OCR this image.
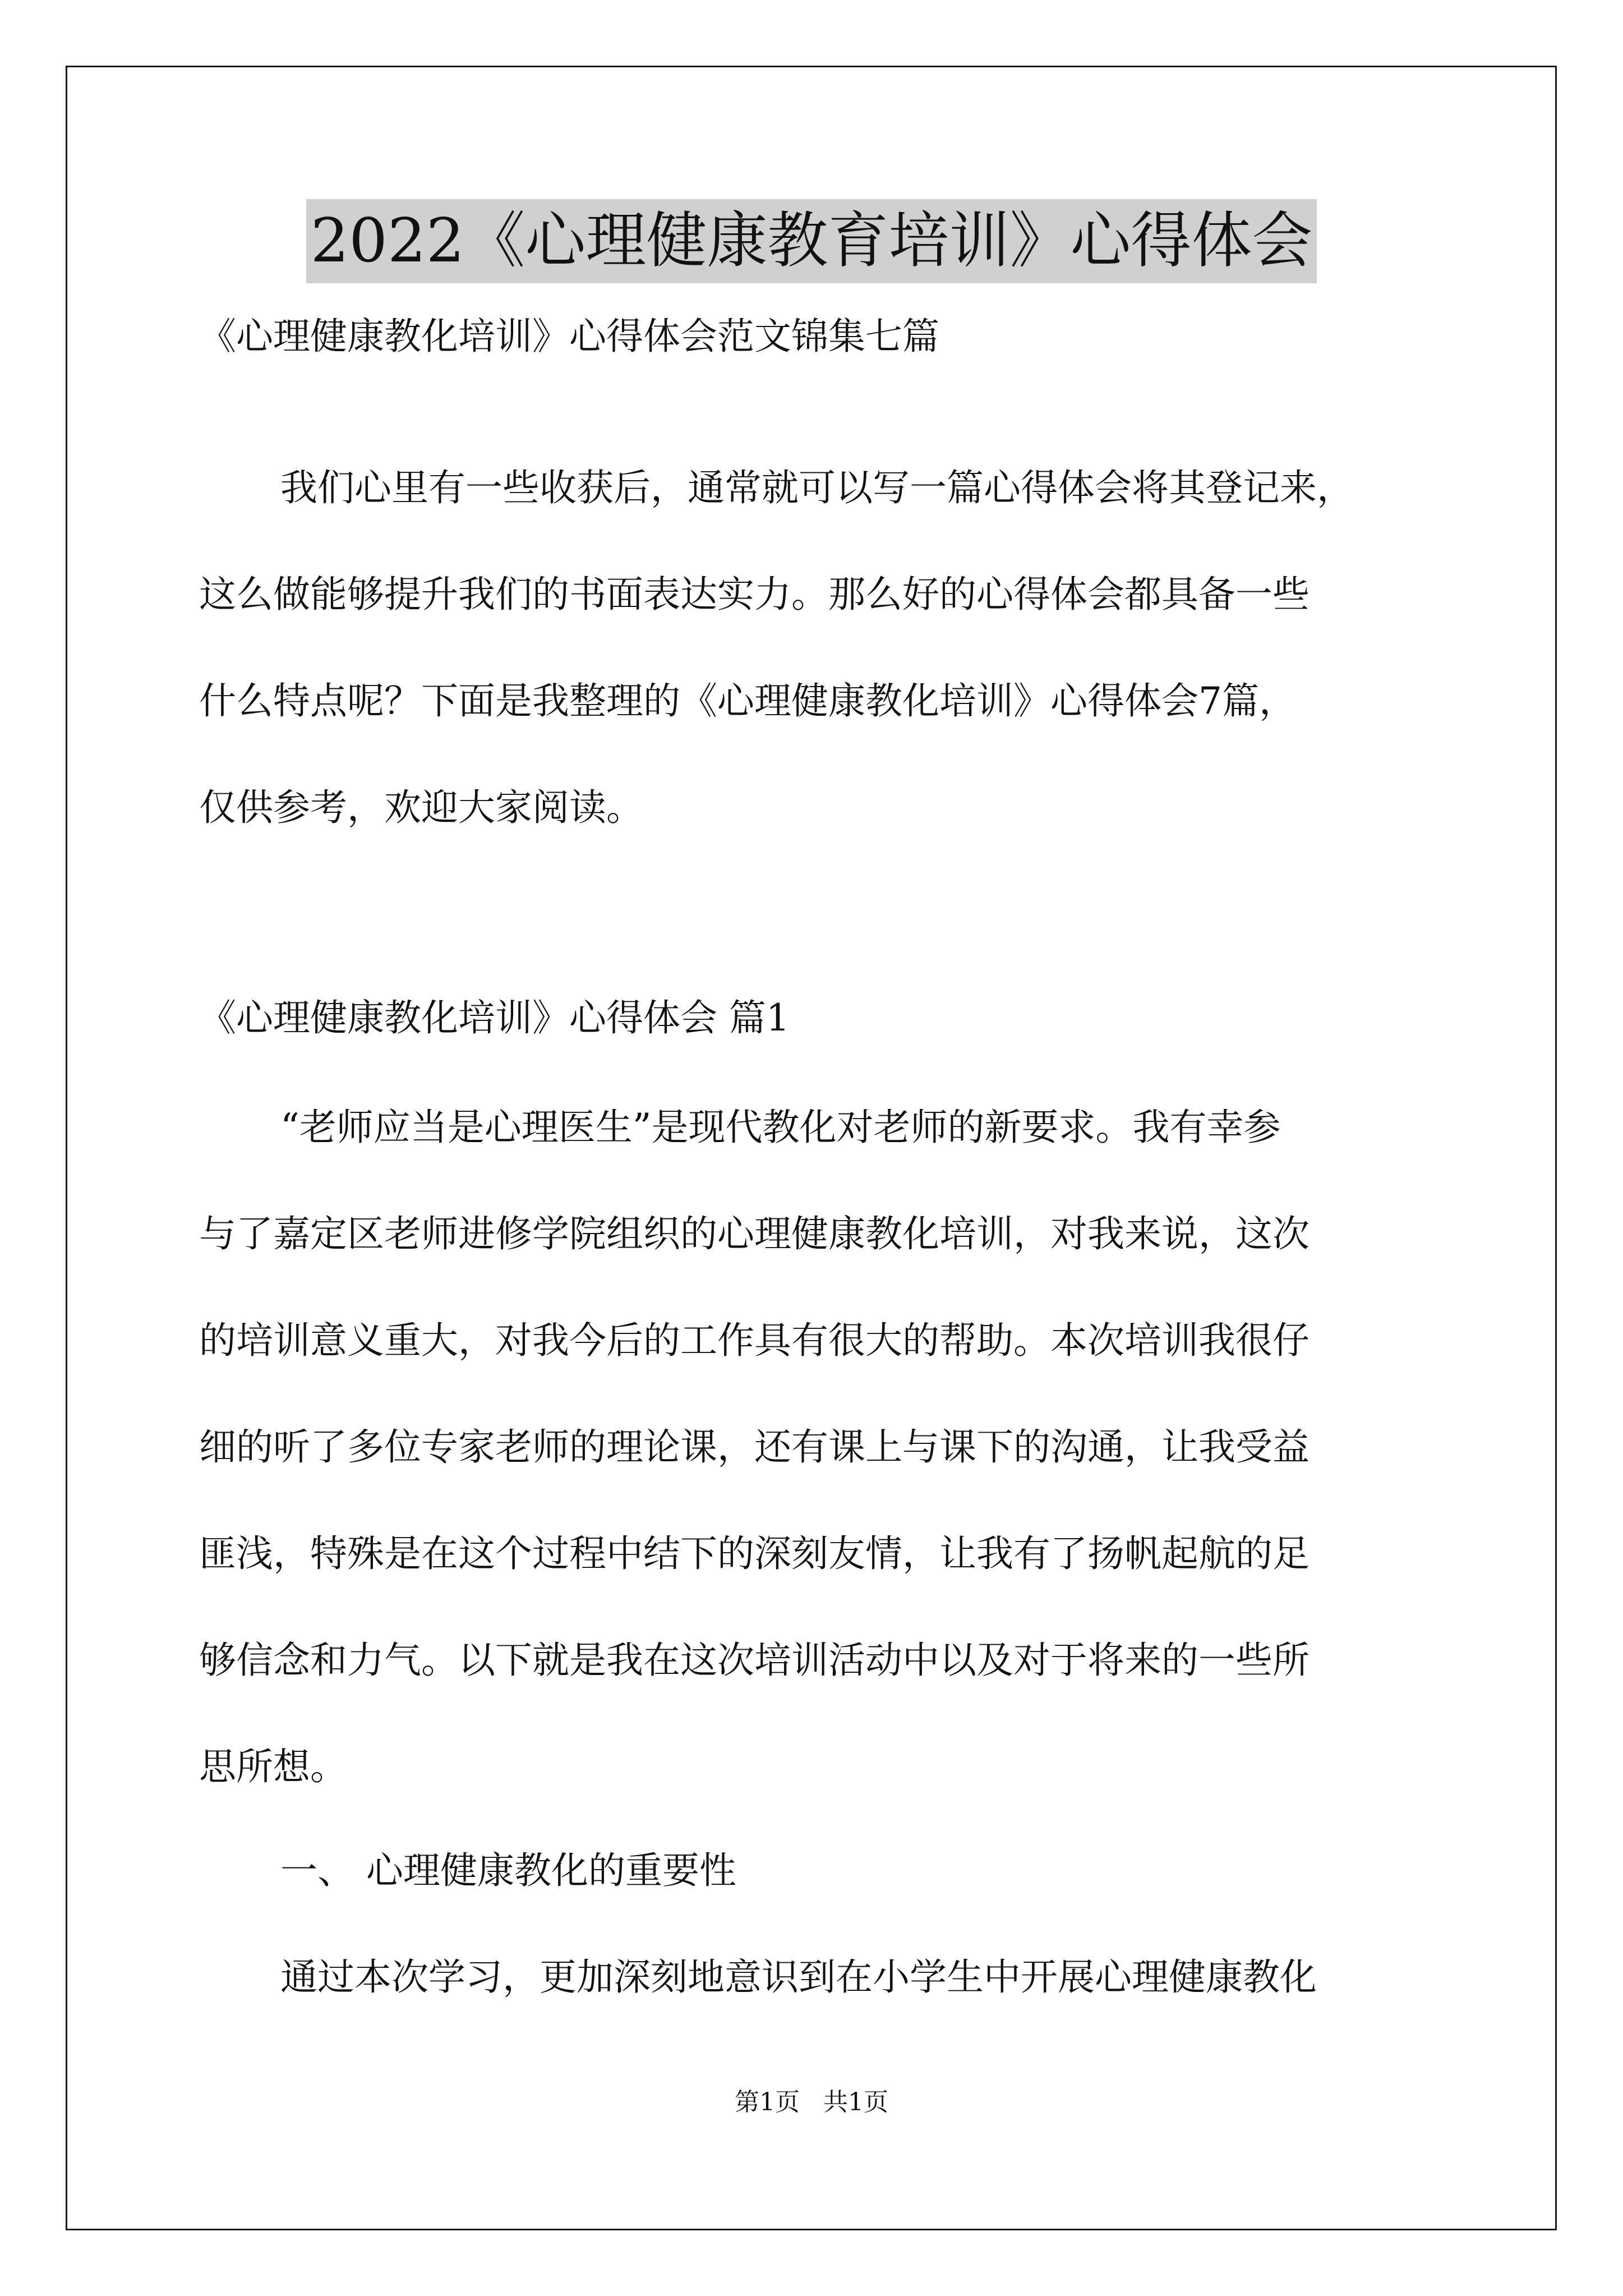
2022《心理健康教育培训》心得体会
《心理健康教化培训》心得体会范文锦集七篇
我们心里有一些收获后，通常就可以写一篇心得体会将其登记来，
这么做能够提升我们的书面表达实力。那么好的心得体会都具备一些
什么特点呢？下面是我整理的《心理健康教化培训》心得体会7篇，
仅供参考，欢迎大家阅读。
《心理健康教化培训》心得体会 篇1
“老师应当是心理医生”是现代教化对老师的新要求。我有幸参
与了嘉定区老师进修学院组织的心理健康教化培训，对我来说，这次
的培训意义重大，对我今后的工作具有很大的帮助。本次培训我很仔
细的听了多位专家老师的理论课，还有课上与课下的沟通，让我受益
匪浅，特殊是在这个过程中结下的深刻友情，让我有了扬帆起航的足
够信念和力气。以下就是我在这次培训活动中以及对于将来的一些所
思所想。
一、 心理健康教化的重要性
通过本次学习，更加深刻地意识到在小学生中开展心理健康教化
第1页   共1页
